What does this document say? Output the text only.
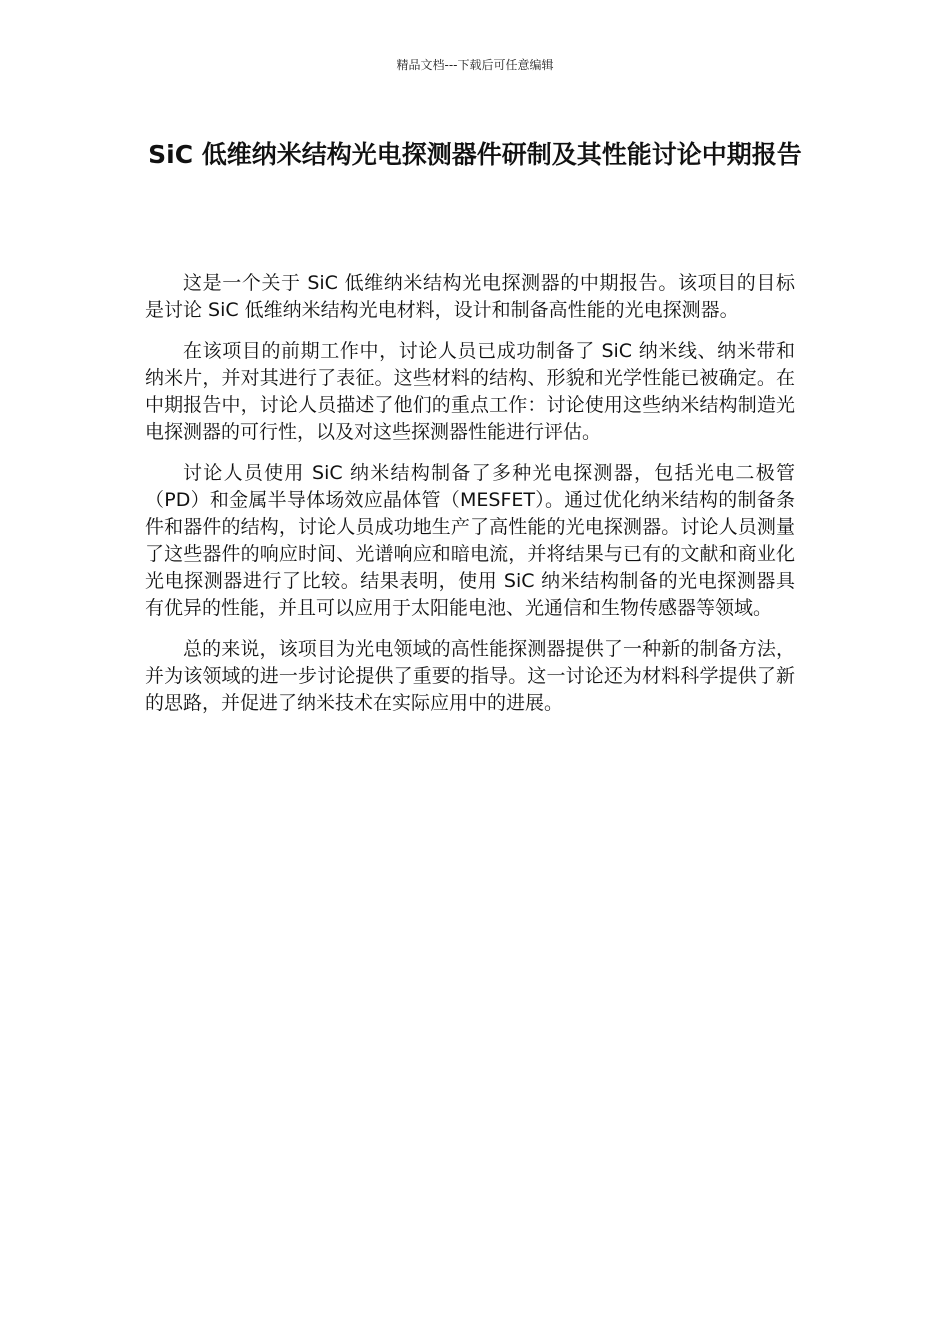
精品文档---下载后可任意编辑
SiC 低维纳米结构光电探测器件研制及其性能讨论中期报告

这是一个关于 SiC 低维纳米结构光电探测器的中期报告。该项目的目标是讨论 SiC 低维纳米结构光电材料，设计和制备高性能的光电探测器。

在该项目的前期工作中，讨论人员已成功制备了 SiC 纳米线、纳米带和纳米片，并对其进行了表征。这些材料的结构、形貌和光学性能已被确定。在中期报告中，讨论人员描述了他们的重点工作：讨论使用这些纳米结构制造光电探测器的可行性，以及对这些探测器性能进行评估。

讨论人员使用 SiC 纳米结构制备了多种光电探测器，包括光电二极管（PD）和金属半导体场效应晶体管（MESFET）。通过优化纳米结构的制备条件和器件的结构，讨论人员成功地生产了高性能的光电探测器。讨论人员测量了这些器件的响应时间、光谱响应和暗电流，并将结果与已有的文献和商业化光电探测器进行了比较。结果表明，使用 SiC 纳米结构制备的光电探测器具有优异的性能，并且可以应用于太阳能电池、光通信和生物传感器等领域。

总的来说，该项目为光电领域的高性能探测器提供了一种新的制备方法，并为该领域的进一步讨论提供了重要的指导。这一讨论还为材料科学提供了新的思路，并促进了纳米技术在实际应用中的进展。
